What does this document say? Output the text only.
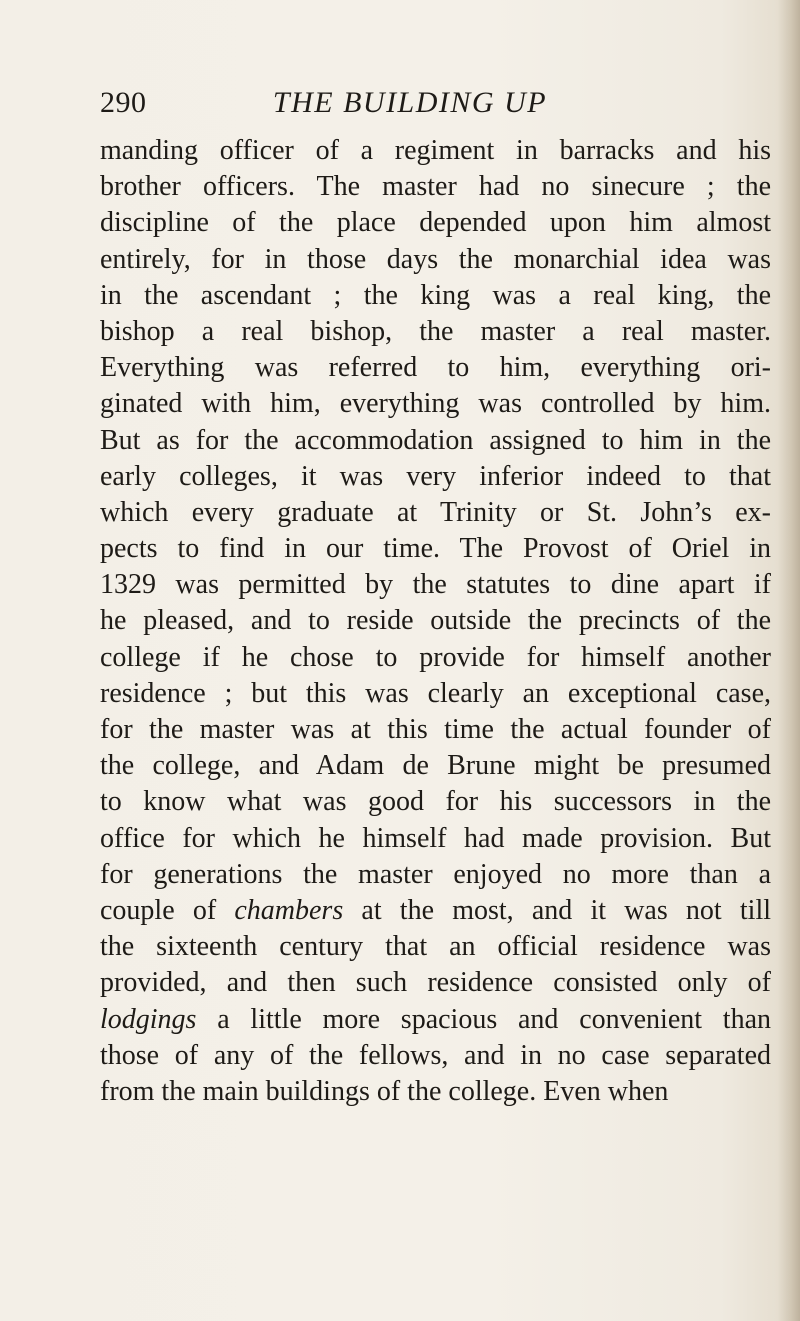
290	THE BUILDING UP
manding officer of a regiment in barracks and his
brother officers. The master had no sinecure ; the
discipline of the place depended upon him almost
entirely, for in those days the monarchial idea was
in the ascendant ; the king was a real king, the
bishop a real bishop, the master a real master.
Everything was referred to him, everything ori-
ginated with him, everything was controlled by him.
But as for the accommodation assigned to him in the
early colleges, it was very inferior indeed to that
which every graduate at Trinity or St. John’s ex-
pects to find in our time. The Provost of Oriel in
1329 was permitted by the statutes to dine apart if
he pleased, and to reside outside the precincts of the
college if he chose to provide for himself another
residence ; but this was clearly an exceptional case,
for the master was at this time the actual founder of
the college, and Adam de Brune might be presumed
to know what was good for his successors in the
office for which he himself had made provision. But
for generations the master enjoyed no more than a
couple of chambers at the most, and it was not till
the sixteenth century that an official residence was
provided, and then such residence consisted only of
lodgings a little more spacious and convenient than
those of any of the fellows, and in no case separated
from the main buildings of the college. Even when
